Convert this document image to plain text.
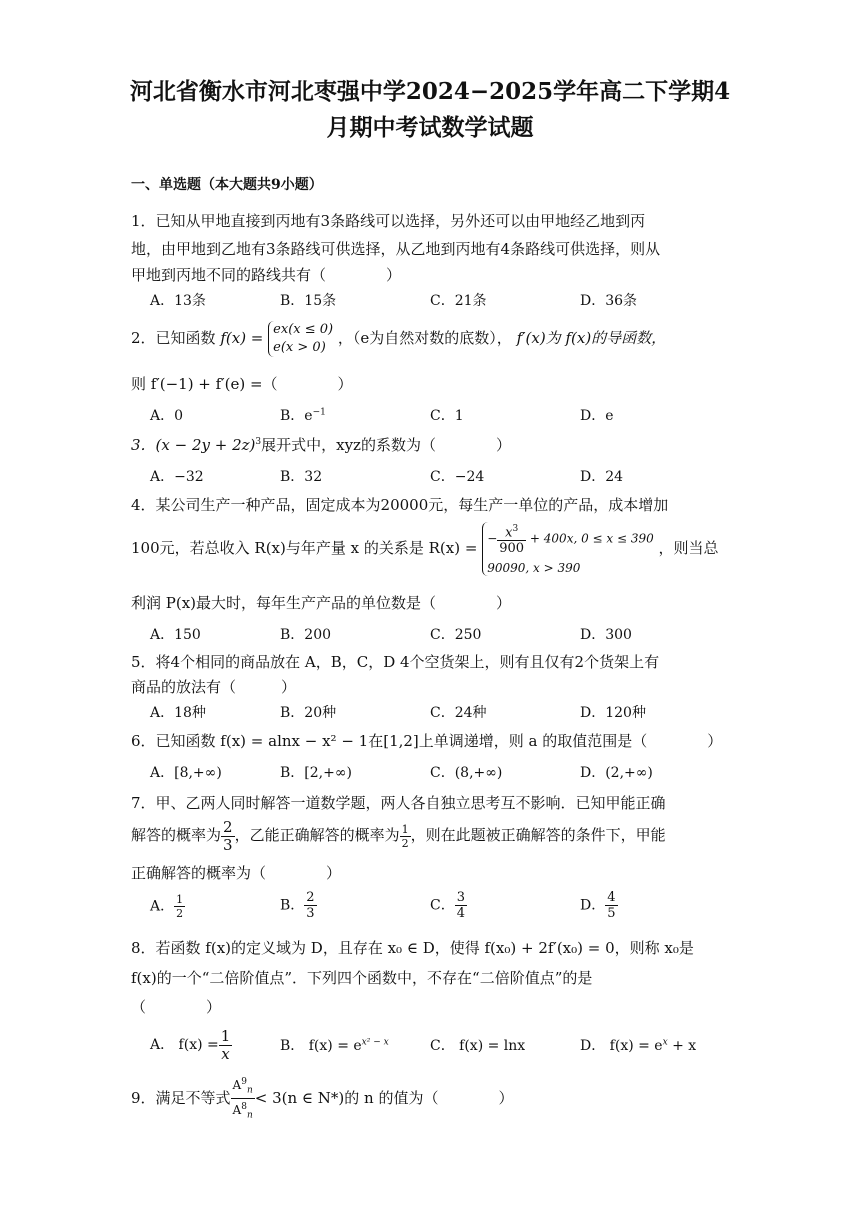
河北省衡水市河北枣强中学2024−2025学年高二下学期4
月期中考试数学试题
一、单选题（本大题共9小题）
1．已知从甲地直接到丙地有3条路线可以选择，另外还可以由甲地经乙地到丙
地，由甲地到乙地有3条路线可供选择，从乙地到丙地有4条路线可供选择，则从
甲地到丙地不同的路线共有（　　　　）
A．13条	B．15条	C．21条	D．36条
2．已知函数 f(x) = ex(x ≤ 0)
e(x > 0)
，（e为自然对数的底数）， f′(x)为 f(x)的导函数，
则 f′(−1) + f′(e) =（　　　　）
A．0	B．$e^{-1}$	C．1	D．e
3．$(x - 2y + 2z)^3$展开式中，xyz的系数为（　　　　）
A．−32	B．32	C．−24	D．24
4．某公司生产一种产品，固定成本为20000元，每生产一单位的产品，成本增加
100元，若总收入 R(x)与年产量 x 的关系是 R(x) =
− $\frac{x^3}{900} + 400x$, 0 ≤ x ≤ 390
90090, x > 390
，则当总
利润 P(x)最大时，每年生产产品的单位数是（　　　　）
A．150	B．200	C．250	D．300
5．将4个相同的商品放在 A，B，C，D 4个空货架上，则有且仅有2个货架上有
商品的放法有（　　　）
A．18种	B．20种	C．24种	D．120种
6．已知函数 f(x) = alnx − x² − 1在[1,2]上单调递增，则 a 的取值范围是（　　　　）
A．[8,+∞)	B．[2,+∞)	C．(8,+∞)	D．(2,+∞)
7．甲、乙两人同时解答一道数学题，两人各自独立思考互不影响．已知甲能正确
解答的概率为 $\frac{2}{3}$ ，乙能正确解答的概率为 $\frac{1}{2}$ ，则在此题被正确解答的条件下，甲能
正确解答的概率为（　　　　）
A． $\frac{1}{2}$	B． $\frac{2}{3}$	C． $\frac{3}{4}$	D． $\frac{4}{5}$
8．若函数 f(x)的定义域为 D，且存在 x₀ ∈ D，使得 f(x₀) + 2f′(x₀) = 0，则称 x₀是
f(x)的一个“二倍阶值点”．下列四个函数中，不存在“二倍阶值点”的是
（　　　　）
A． $f(x) = \frac{1}{x}$	B． $f(x) = e^{x^2 - x}$	C． f(x) = lnx	D． $f(x) = e^x + x$
9．满足不等式 $\frac{A^9_n}{A^8_n} < 3(n$ ∈ N*)的 n 的值为（　　　　）
